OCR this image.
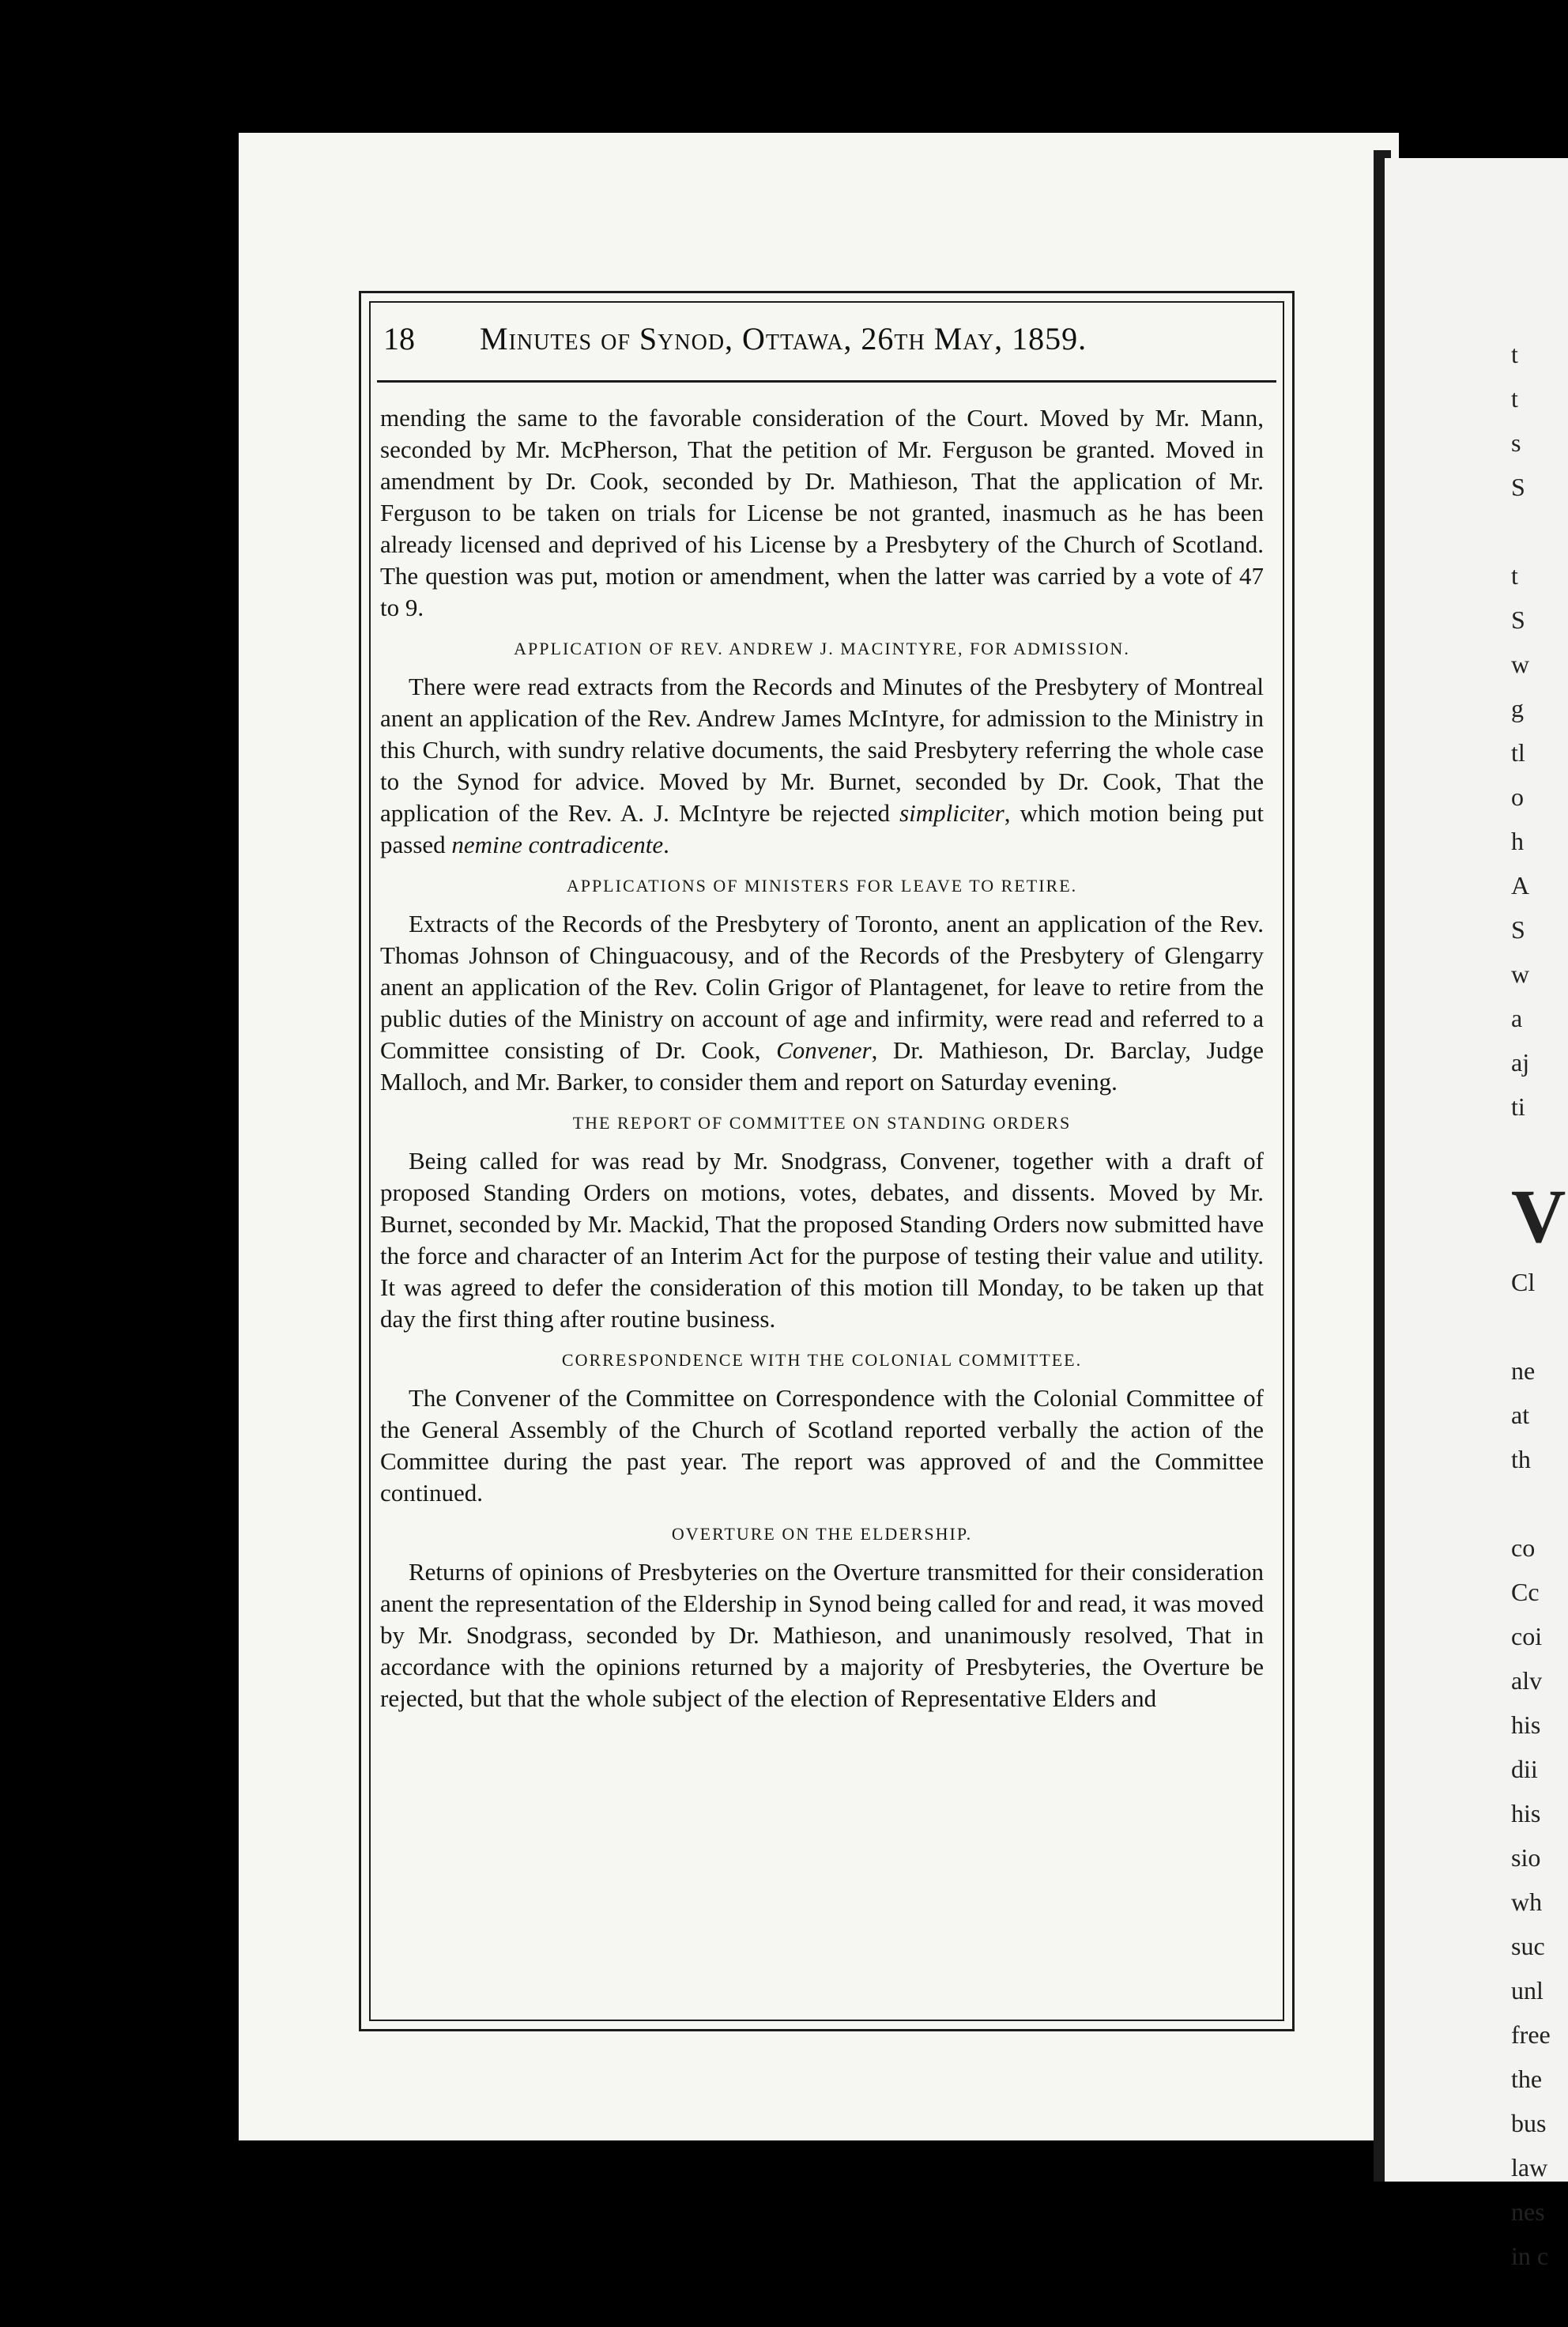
18 Minutes of Synod, Ottawa, 26th May, 1859.

mending the same to the favorable consideration of the Court. Moved by Mr. Mann, seconded by Mr. McPherson, That the petition of Mr. Ferguson be granted. Moved in amendment by Dr. Cook, seconded by Dr. Mathieson, That the application of Mr. Ferguson to be taken on trials for License be not granted, inasmuch as he has been already licensed and deprived of his License by a Presbytery of the Church of Scotland. The question was put, motion or amendment, when the latter was carried by a vote of 47 to 9.

APPLICATION OF REV. ANDREW J. MACINTYRE, FOR ADMISSION.

There were read extracts from the Records and Minutes of the Presbytery of Montreal anent an application of the Rev. Andrew James McIntyre, for admission to the Ministry in this Church, with sundry relative documents, the said Presbytery referring the whole case to the Synod for advice. Moved by Mr. Burnet, seconded by Dr. Cook, That the application of the Rev. A. J. McIntyre be rejected simpliciter, which motion being put passed nemine contradicente.

APPLICATIONS OF MINISTERS FOR LEAVE TO RETIRE.

Extracts of the Records of the Presbytery of Toronto, anent an application of the Rev. Thomas Johnson of Chinguacousy, and of the Records of the Presbytery of Glengarry anent an application of the Rev. Colin Grigor of Plantagenet, for leave to retire from the public duties of the Ministry on account of age and infirmity, were read and referred to a Committee consisting of Dr. Cook, Convener, Dr. Mathieson, Dr. Barclay, Judge Malloch, and Mr. Barker, to consider them and report on Saturday evening.

THE REPORT OF COMMITTEE ON STANDING ORDERS

Being called for was read by Mr. Snodgrass, Convener, together with a draft of proposed Standing Orders on motions, votes, debates, and dissents. Moved by Mr. Burnet, seconded by Mr. Mackid, That the proposed Standing Orders now submitted have the force and character of an Interim Act for the purpose of testing their value and utility. It was agreed to defer the consideration of this motion till Monday, to be taken up that day the first thing after routine business.

CORRESPONDENCE WITH THE COLONIAL COMMITTEE.

The Convener of the Committee on Correspondence with the Colonial Committee of the General Assembly of the Church of Scotland reported verbally the action of the Committee during the past year. The report was approved of and the Committee continued.

OVERTURE ON THE ELDERSHIP.

Returns of opinions of Presbyteries on the Overture transmitted for their consideration anent the representation of the Eldership in Synod being called for and read, it was moved by Mr. Snodgrass, seconded by Dr. Mathieson, and unanimously resolved, That in accordance with the opinions returned by a majority of Presbyteries, the Overture be rejected, but that the whole subject of the election of Representative Elders and

t
t
s
S
t
S
w
g
tl
o
h
A
S
w
a
aj
ti
V
Cl
ne
at
th
co
Cc
coi
alv
his
dii
his
sio
wh
suc
unl
free
the
bus
law
nes
in c
